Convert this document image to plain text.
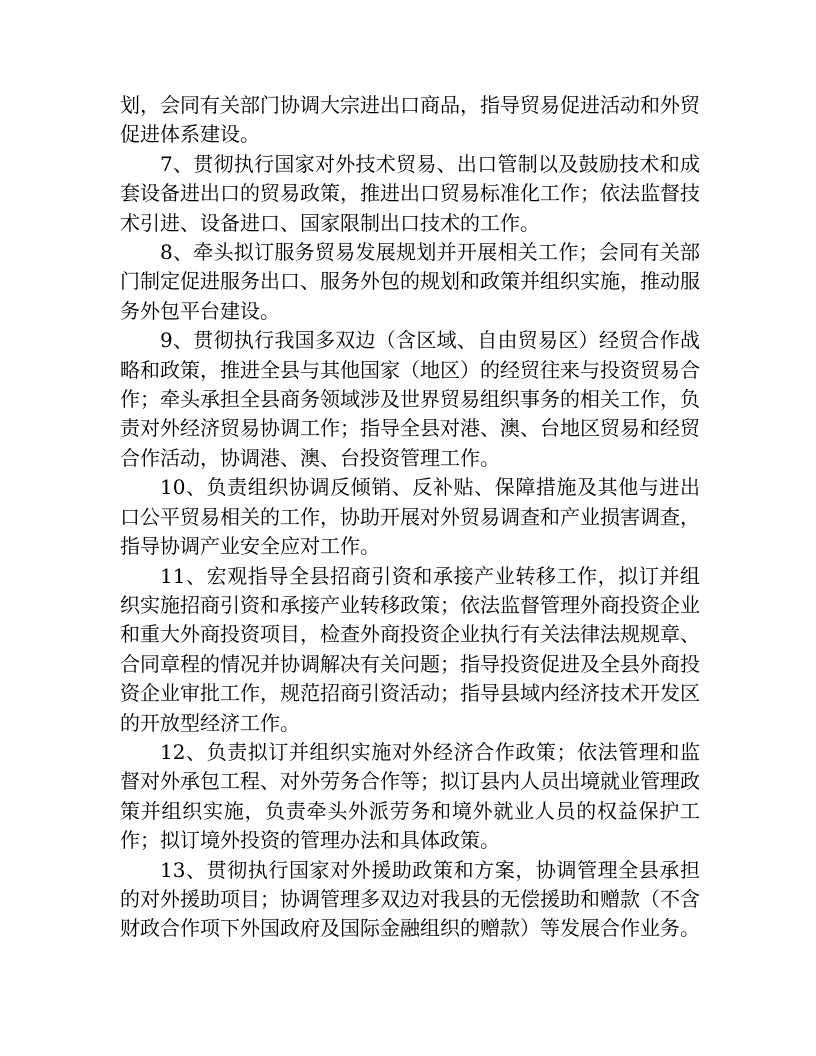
划，会同有关部门协调大宗进出口商品，指导贸易促进活动和外贸促进体系建设。

7、贯彻执行国家对外技术贸易、出口管制以及鼓励技术和成套设备进出口的贸易政策，推进出口贸易标准化工作；依法监督技术引进、设备进口、国家限制出口技术的工作。

8、牵头拟订服务贸易发展规划并开展相关工作；会同有关部门制定促进服务出口、服务外包的规划和政策并组织实施，推动服务外包平台建设。

9、贯彻执行我国多双边（含区域、自由贸易区）经贸合作战略和政策，推进全县与其他国家（地区）的经贸往来与投资贸易合作；牵头承担全县商务领域涉及世界贸易组织事务的相关工作，负责对外经济贸易协调工作；指导全县对港、澳、台地区贸易和经贸合作活动，协调港、澳、台投资管理工作。

10、负责组织协调反倾销、反补贴、保障措施及其他与进出口公平贸易相关的工作，协助开展对外贸易调查和产业损害调查，指导协调产业安全应对工作。

11、宏观指导全县招商引资和承接产业转移工作，拟订并组织实施招商引资和承接产业转移政策；依法监督管理外商投资企业和重大外商投资项目，检查外商投资企业执行有关法律法规规章、合同章程的情况并协调解决有关问题；指导投资促进及全县外商投资企业审批工作，规范招商引资活动；指导县域内经济技术开发区的开放型经济工作。

12、负责拟订并组织实施对外经济合作政策；依法管理和监督对外承包工程、对外劳务合作等；拟订县内人员出境就业管理政策并组织实施，负责牵头外派劳务和境外就业人员的权益保护工作；拟订境外投资的管理办法和具体政策。

13、贯彻执行国家对外援助政策和方案，协调管理全县承担的对外援助项目；协调管理多双边对我县的无偿援助和赠款（不含财政合作项下外国政府及国际金融组织的赠款）等发展合作业务。
